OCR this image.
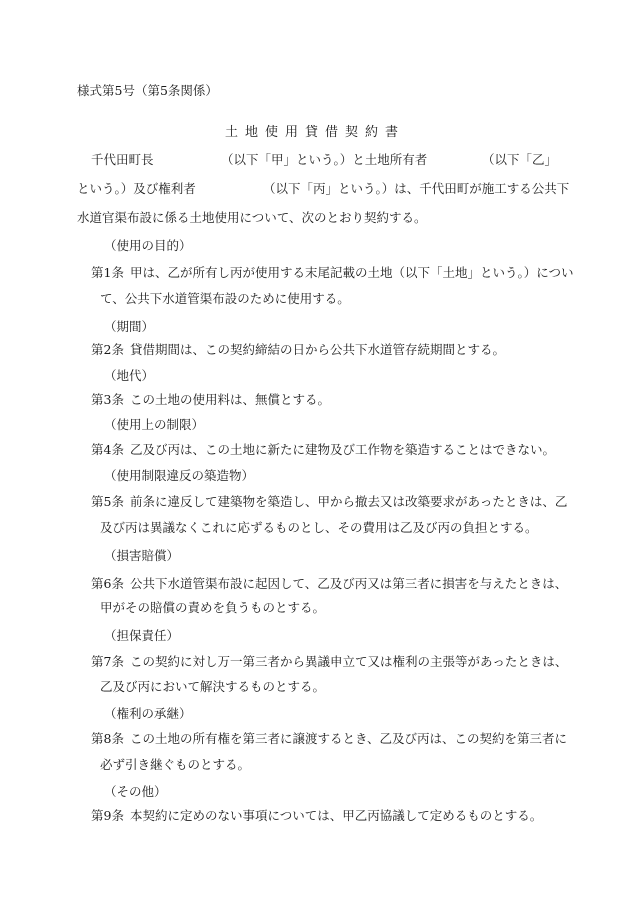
様式第5号（第5条関係）
土地使用貸借契約書
千代田町長	（以下「甲」という。）と土地所有者	（以下「乙」
という。）及び権利者	（以下「丙」という。）は、千代田町が施工する公共下
水道官渠布設に係る土地使用について、次のとおり契約する。
（使用の目的）
第1条 甲は、乙が所有し丙が使用する末尾記載の土地（以下「土地」という。）につい
て、公共下水道管渠布設のために使用する。
（期間）
第2条 貸借期間は、この契約締結の日から公共下水道管存続期間とする。
（地代）
第3条 この土地の使用料は、無償とする。
（使用上の制限）
第4条 乙及び丙は、この土地に新たに建物及び工作物を築造することはできない。
（使用制限違反の築造物）
第5条 前条に違反して建築物を築造し、甲から撤去又は改築要求があったときは、乙
及び丙は異議なくこれに応ずるものとし、その費用は乙及び丙の負担とする。
（損害賠償）
第6条 公共下水道管渠布設に起因して、乙及び丙又は第三者に損害を与えたときは、
甲がその賠償の責めを負うものとする。
（担保責任）
第7条 この契約に対し万一第三者から異議申立て又は権利の主張等があったときは、
乙及び丙において解決するものとする。
（権利の承継）
第8条 この土地の所有権を第三者に譲渡するとき、乙及び丙は、この契約を第三者に
必ず引き継ぐものとする。
（その他）
第9条 本契約に定めのない事項については、甲乙丙協議して定めるものとする。
